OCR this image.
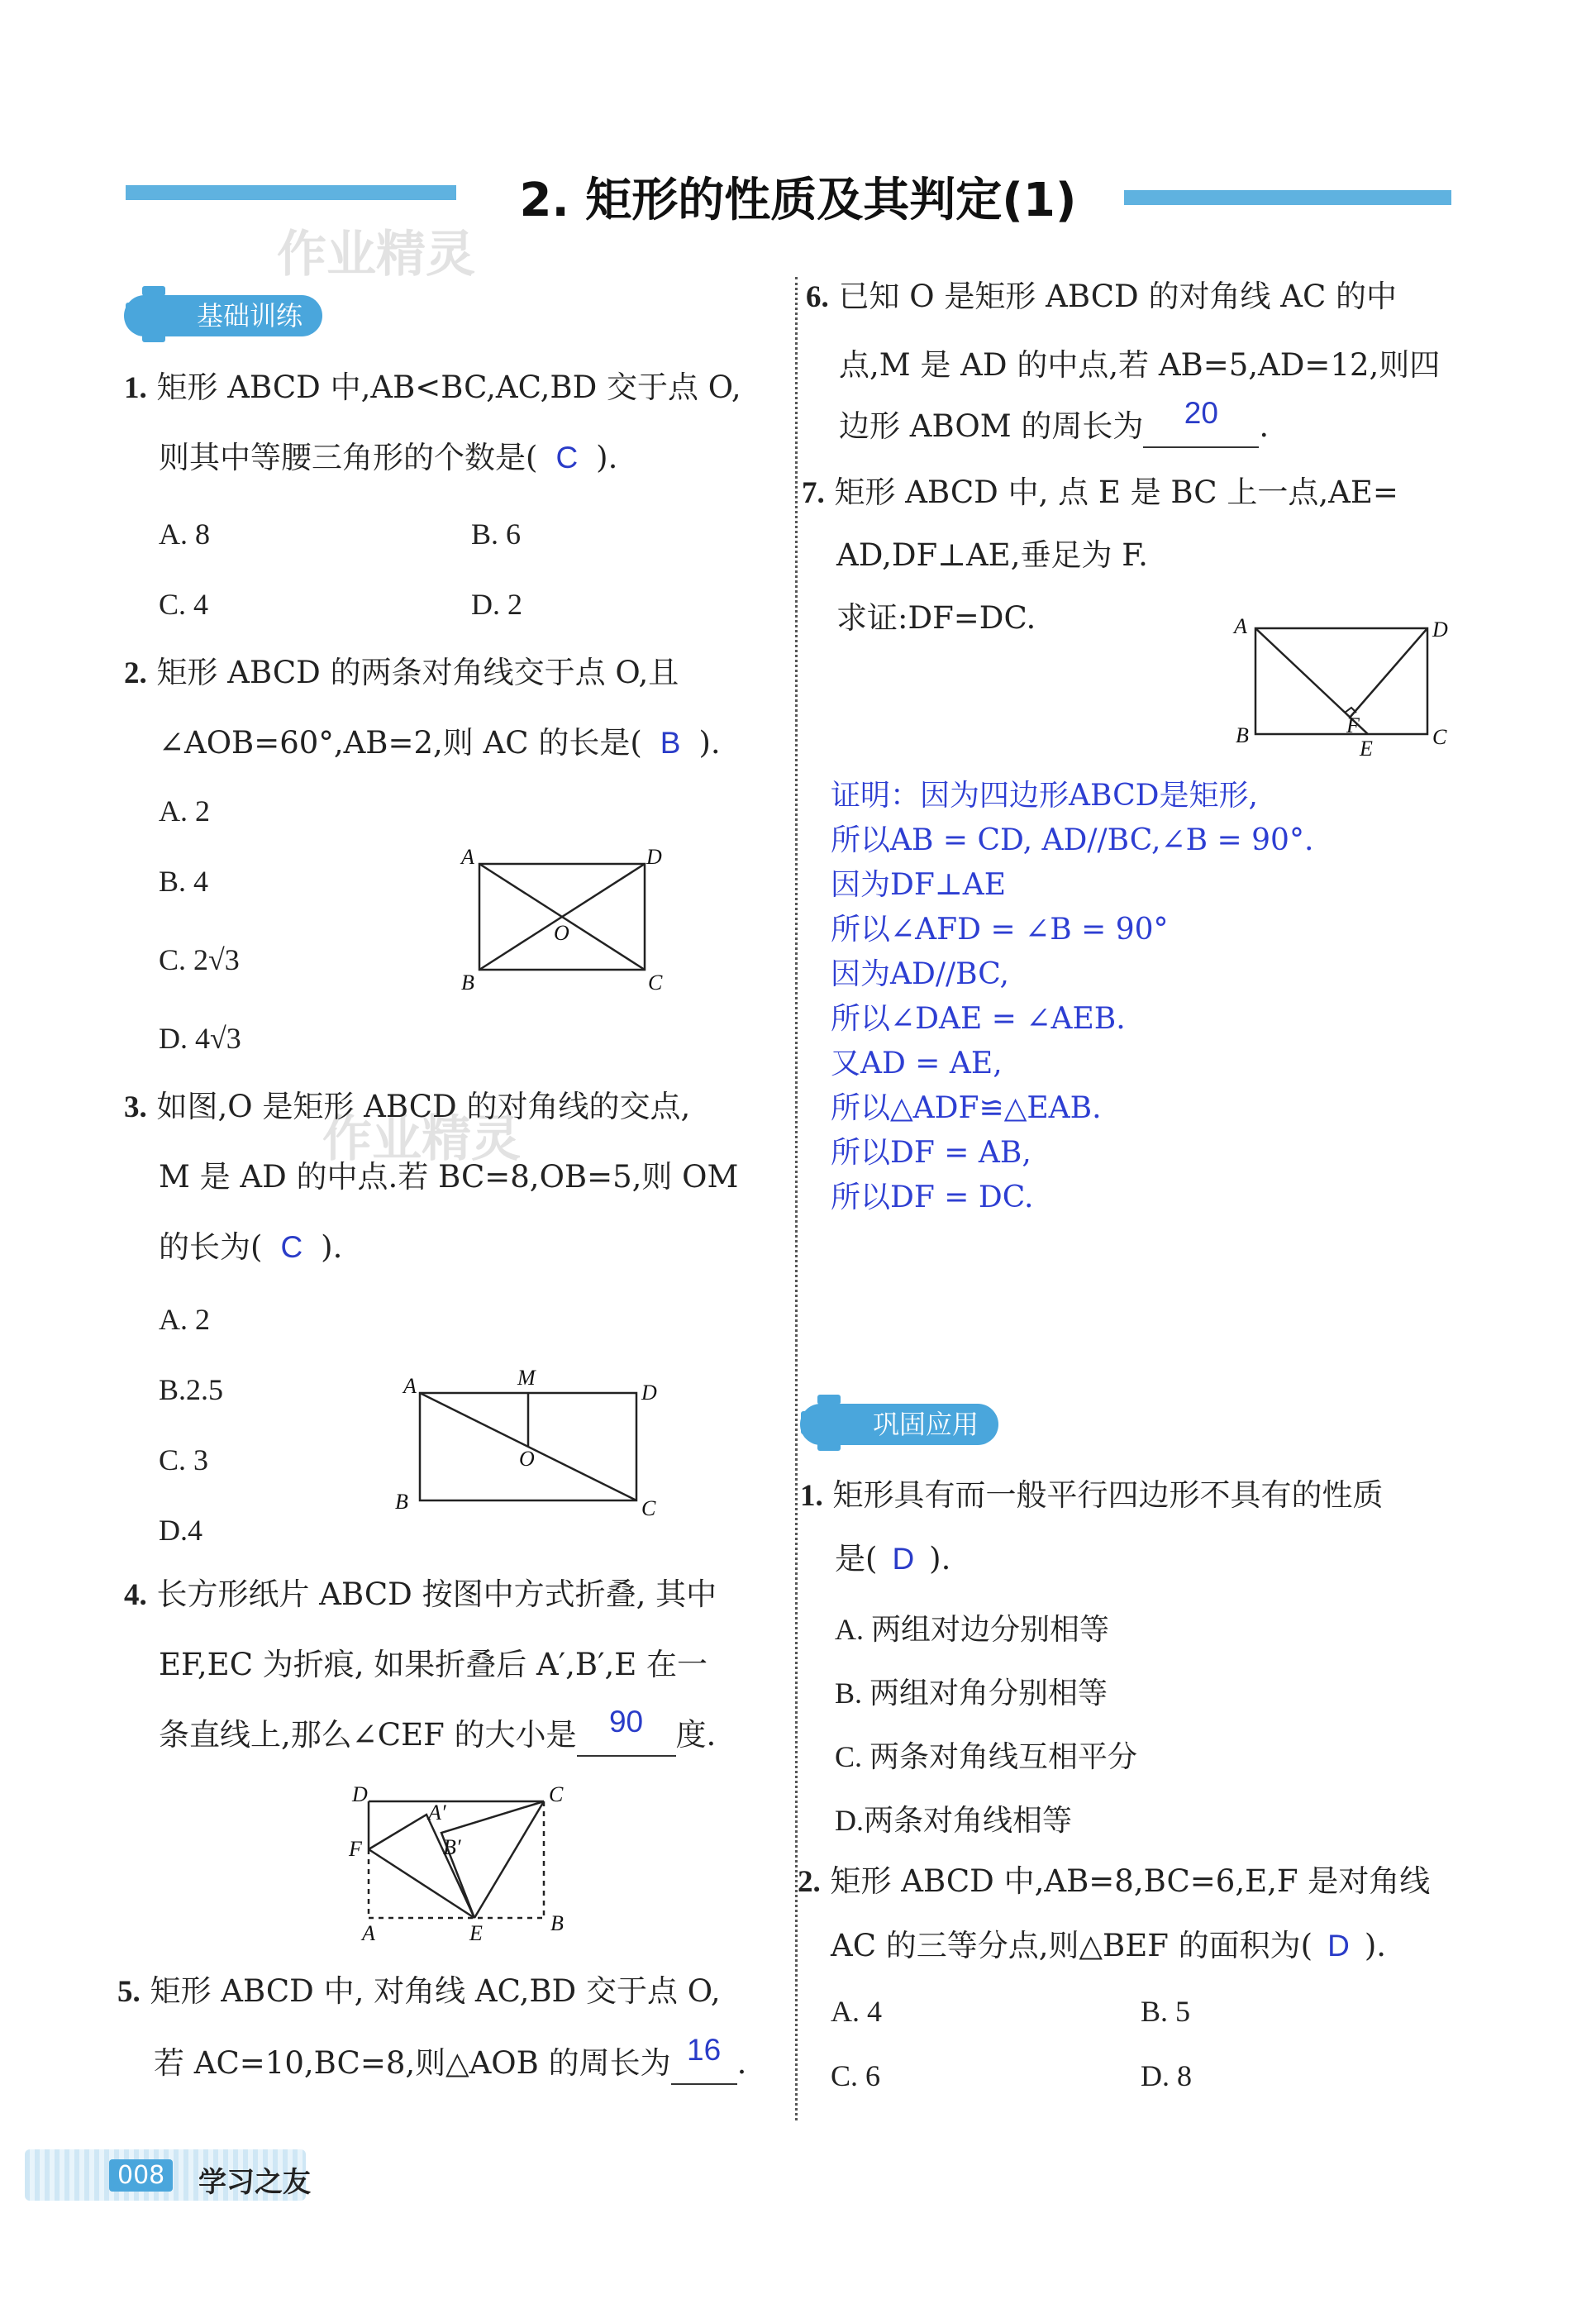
2. 矩形的性质及其判定(1)
作业精灵
作业精灵
基础训练
1. 矩形 ABCD 中,AB<BC,AC,BD 交于点 O,
则其中等腰三角形的个数是( C ).
A. 8	B. 6
C. 4	D. 2
2. 矩形 ABCD 的两条对角线交于点 O,且
∠AOB=60°,AB=2,则 AC 的长是( B ).
A. 2
B. 4
C. 2√3
D. 4√3
A	D
O
B	C
3. 如图,O 是矩形 ABCD 的对角线的交点,
M 是 AD 的中点.若 BC=8,OB=5,则 OM
的长为( C ).
A. 2
B.2.5
C. 3
D.4
A	M
D
O
B	C
4. 长方形纸片 ABCD 按图中方式折叠, 其中
EF,EC 为折痕, 如果折叠后 A′,B′,E 在一
条直线上,那么∠CEF 的大小是 90 度.
D	C
A′
B′
F
A	E	B
5. 矩形 ABCD 中, 对角线 AC,BD 交于点 O,
若 AC=10,BC=8,则△AOB 的周长为 16 .
6. 已知 O 是矩形 ABCD 的对角线 AC 的中
点,M 是 AD 的中点,若 AB=5,AD=12,则四
边形 ABOM 的周长为 20 .
7. 矩形 ABCD 中, 点 E 是 BC 上一点,AE=
AD,DF⊥AE,垂足为 F.
求证:DF=DC.	A	D
F
B
E	C
证明：因为四边形ABCD是矩形,
所以AB = CD, AD//BC,∠B = 90°.
因为DF⊥AE
所以∠AFD = ∠B = 90°
因为AD//BC,
所以∠DAE = ∠AEB.
又AD = AE,
所以△ADF≌△EAB.
所以DF = AB,
所以DF = DC.
巩固应用
1. 矩形具有而一般平行四边形不具有的性质
是( D ).
A. 两组对边分别相等
B. 两组对角分别相等
C. 两条对角线互相平分
D.两条对角线相等
2. 矩形 ABCD 中,AB=8,BC=6,E,F 是对角线
AC 的三等分点,则△BEF 的面积为( D ).
A. 4	B. 5
C. 6	D. 8
008 学习之友
